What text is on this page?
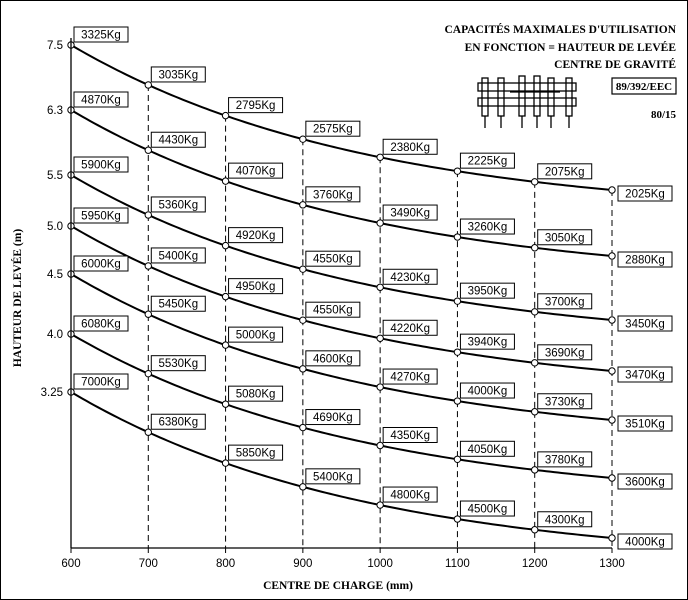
3325Kg
3035Kg
2795Kg
2575Kg
2380Kg
2225Kg
2075Kg
2025Kg
4870Kg
4430Kg
4070Kg
3760Kg
3490Kg
3260Kg
3050Kg
2880Kg
5900Kg
5360Kg
4920Kg
4550Kg
4230Kg
3950Kg
3700Kg
3450Kg
5950Kg
5400Kg
4950Kg
4550Kg
4220Kg
3940Kg
3690Kg
3470Kg
6000Kg
5450Kg
5000Kg
4600Kg
4270Kg
4000Kg
3730Kg
3510Kg
6080Kg
5530Kg
5080Kg
4690Kg
4350Kg
4050Kg
3780Kg
3600Kg
7000Kg
6380Kg
5850Kg
5400Kg
4800Kg
4500Kg
4300Kg
4000Kg
600	700	800	900	1000	1100	1200	1300
7.5
6.3
5.5
5.0
4.5
4.0
3.25
CAPACITÉS MAXIMALES D'UTILISATION
EN FONCTION = HAUTEUR DE LEVÉE
CENTRE DE GRAVITÉ
89/392/EEC
80/15
CENTRE DE CHARGE (mm)
HAUTEUR DE LEVÉE (m)
